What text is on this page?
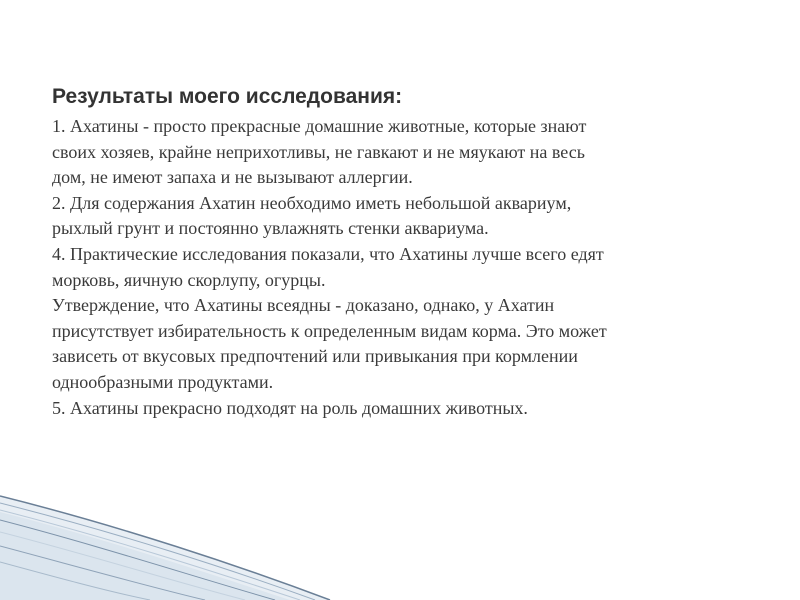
Результаты моего исследования:

1. Ахатины - просто прекрасные домашние животные, которые знают

своих хозяев, крайне неприхотливы, не гавкают и не мяукают на весь

дом, не имеют запаха и не вызывают аллергии.

2. Для содержания Ахатин необходимо иметь небольшой аквариум,

рыхлый грунт и постоянно увлажнять стенки аквариума.

4. Практические исследования показали, что Ахатины лучше всего едят

морковь, яичную скорлупу, огурцы.

Утверждение, что Ахатины всеядны - доказано, однако, у Ахатин

присутствует избирательность к определенным видам корма. Это может

зависеть от вкусовых предпочтений или привыкания при кормлении

однообразными продуктами.

5. Ахатины прекрасно подходят на роль домашних животных.
